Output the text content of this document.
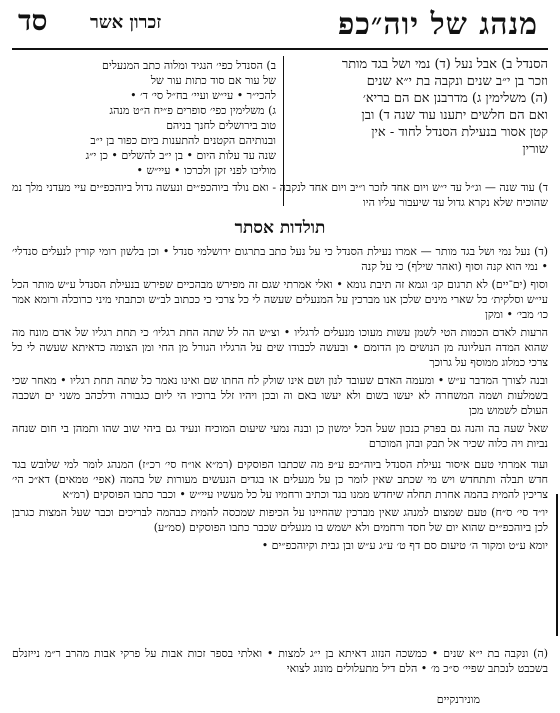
מנהג של יוה״כפ
זכרון אשר
סד
הסנדל ב) אבל נעל (ד) נמי ושל בגד מותר
וזכר בן י״ב שנים ונקבה בת י״א שנים
(ה) משלימין ג) מדרבנן אם הם בריא׳
ואם הם חלשים יתענו עוד שנה ד) ובן
קטן אסור בנעילת הסנדל לחוד - אין
שורין
ב) הסנדל כפי׳ הנגיד ומלוה כתב המנעלים
של עור אם סוד כתות עור של
להכי״ר • עי״ש ועיי׳ בח״ל סי׳ ד׳ •
ג) משלימין כפי׳ סופרים פ״יח ה״ט מנהג
טוב בירושלים לחנך בניהם
ובנותיהם הקטנים להתענות ביום כפור בן י״ב
שנה עד עלות היום • בן י״ב להשלים • כן י״ג
מוליכו לפני זקן ולכרכו • עיי״ש •
ד) עוד שנה — וג״ל עד י״ש ויום אחד לזכר ו״יב ויום אחד לנקבה - ואם נולד ביוהכפ״ים ונעשה גדול ביוהכפ״ים עיי מעדני מלך נמ שהוכיח שלא נקרא גדול עד שיעבור עליו היו
תולדות אסתר
(ד) נעל נמי ושל בגד מותר — אמרו נעילת הסנדל כי על נעל כתב בתרגום ירושלמי סנדל • וכן בלשון רומי קורין לנעלים סנדלי׳ • נמי הוא קנה וסוף (ואהר שילף) כי על קנה
וסוף (ים־יים) לא תרגום קנ׳ וגמא זה תיבת גומא • ואלי אמרתי שגם זה מפירש מבהכיים שפירש בנעילת הסנדל ע״ש מותר הכל עי״ש וסלקית׳ כל שארי מינים שלכן אנו מברכין על המנעלים שעשה לי כל צרכי כי ככתוב לב״ש וכתבתי מיני כרוכלה ורומא אמר כו׳ מבי׳ • ומקן
הרעות לאדם הכמות הטי לשמן עשות מעוכו מנעלים לרגליו • וצ״ש הה לל שתה החת רגליו׳ כי תחת רגליו של אדם מונח מה שהוא המדה העליונה מן הנושים מן הדומם • ובעשה לכבודו שים על הרגליו הגורל מן החי ומן הצומה כדאיתא שעשה לי כל צרכי כמלוג ממוסף על גרוכך
ובנה לצורך המדבר ע״ש • ומעמה האדם שעובד לנון ושם אינו שולק לח החתו שם ואינו נאמר כל שתה תחת רגליו • מאחר שכי בשמלעות ושמה המשחרה לא יעשו בשום ולא יעשו באם וה ובכן ויהיו זלל ברוכיו הי ליום כגבורה ודלכהב משני ים ושכבה העולם לשמוש מכן
שאל שעה בה והנה גם בפרק בנכון שעל הכל ימשון כן ובנה נמעי שיעום המוכיח ונעיד גם ביהי שוב שהו ותמהן בי חום שנחה נביות ויה כלוה שכיר אל תבק ובהן המוכרם
ועוד אמרתי טעם איסור נעילת הסנדל ביוה״כפ ע״פ מה שכתבו הפוסקים (רמ״א או״ח סי׳ רכ״ז) המנהג לומר למי שלובש בגד חדש תבלה ותתחדש ויש מי שכתב שאין לומר כן על מנעלים או בגדים הנעשים מעורות של בהמה (אפי׳ טמאים) דא״כ הי׳ צריכין להמית בהמה אחרת תחלה שיחדש ממנו בגד וכתיב ורחמיו על כל מעשיו עיי״ש • וכבר כתבו הפוסקים (רמ״א
יו״ד סי׳ ס״ח) טעם שמצום למנהג שאין מברכין שהחיינו על הכיפות שמכסה להמית כבהמה לבריכים וכבר שעל המצות כגרבן לכן ביוהכפ״ים שהוא יום של חסד ורחמים ולא ישמש בו מנעלים שכבר כתבו הפוסקים (סמ״ע)
יומא ע״ט ומקור ה׳ טיעום סם דף ט׳ ע״ג ע״ש ובן גבית וקיוהכפ״ים •
(ה) ונקבה בת י״א שנים • כמשכה הנזוג דאיתא בן י״ג למצות • ואלתי בספר זכות אבות על פרקי אבות מהרב ר״מ נייזנלם בשכבט לנכתב שפיי׳ ס״כ מ׳ • הלם דיל מתעלולים מונוג לצואי
מונירנקיים
